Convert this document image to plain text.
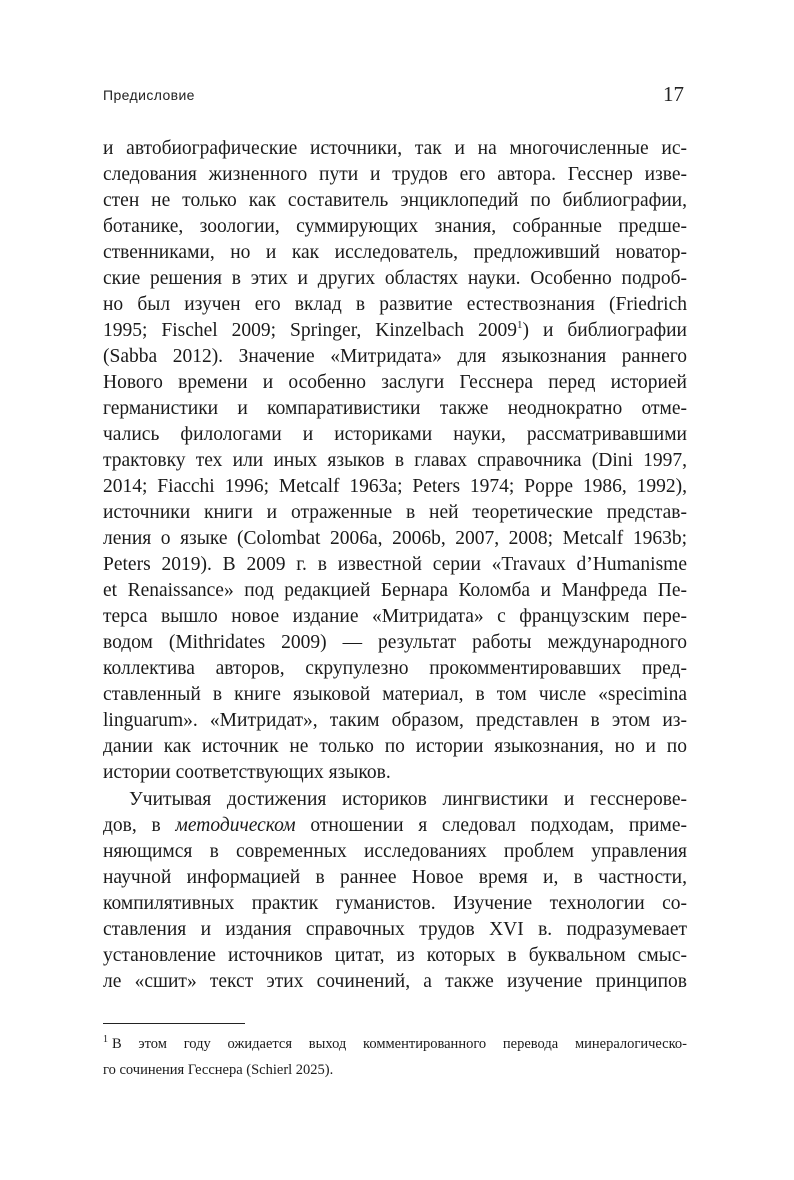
Предисловие	17
и автобиографические источники, так и на многочисленные ис-
следования жизненного пути и трудов его автора. Гесснер изве-
стен не только как составитель энциклопедий по библиографии,
ботанике, зоологии, суммирующих знания, собранные предше-
ственниками, но и как исследователь, предложивший новатор-
ские решения в этих и других областях науки. Особенно подроб-
но был изучен его вклад в развитие естествознания (Friedrich
1995; Fischel 2009; Springer, Kinzelbach 2009$^1$) и библиографии
(Sabba 2012). Значение «Митридата» для языкознания раннего
Нового времени и особенно заслуги Гесснера перед историей
германистики и компаративистики также неоднократно отме-
чались филологами и историками науки, рассматривавшими
трактовку тех или иных языков в главах справочника (Dini 1997,
2014; Fiacchi 1996; Metcalf 1963a; Peters 1974; Poppe 1986, 1992),
источники книги и отраженные в ней теоретические представ-
ления о языке (Colombat 2006a, 2006b, 2007, 2008; Metcalf 1963b;
Peters 2019). В 2009 г. в известной серии «Travaux d’Humanisme
et Renaissance» под редакцией Бернара Коломба и Манфреда Пе-
терса вышло новое издание «Митридата» с французским пере-
водом (Mithridates 2009) — результат работы международного
коллектива авторов, скрупулезно прокомментировавших пред-
ставленный в книге языковой материал, в том числе «specimina
linguarum». «Митридат», таким образом, представлен в этом из-
дании как источник не только по истории языкознания, но и по
истории соответствующих языков.
Учитывая достижения историков лингвистики и гесснерове-
дов, в методическом отношении я следовал подходам, приме-
няющимся в современных исследованиях проблем управления
научной информацией в раннее Новое время и, в частности,
компилятивных практик гуманистов. Изучение технологии со-
ставления и издания справочных трудов XVI в. подразумевает
установление источников цитат, из которых в буквальном смыс-
ле «сшит» текст этих сочинений, а также изучение принципов
$^1$ В этом году ожидается выход комментированного перевода минералогическо-
го сочинения Гесснера (Schierl 2025).
